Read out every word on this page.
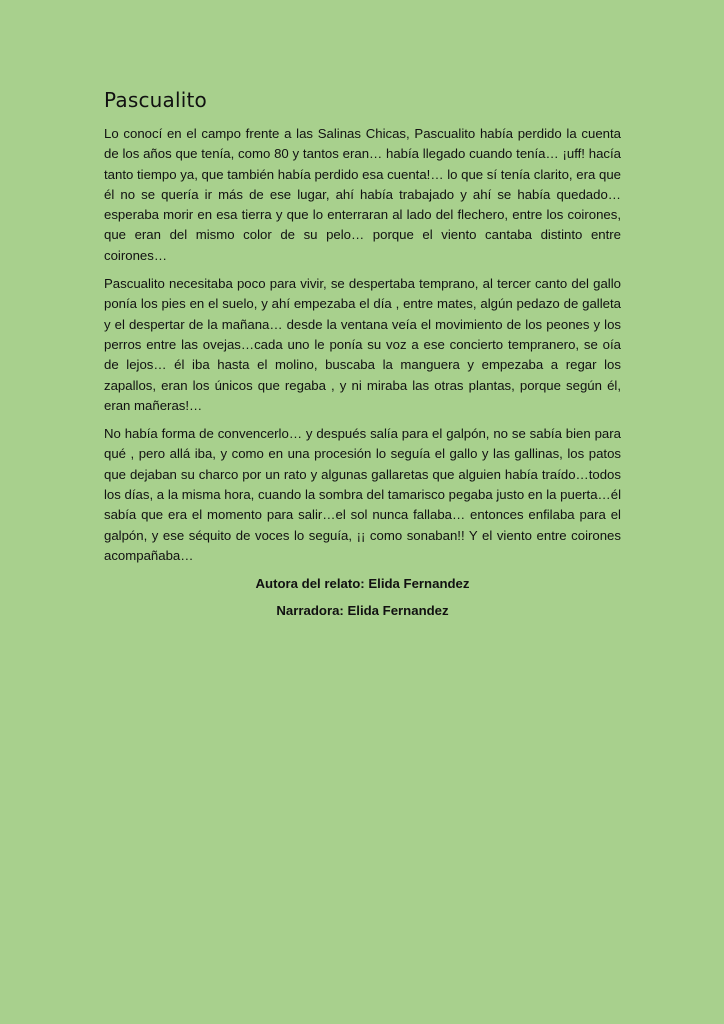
Pascualito

Lo conocí en el campo frente a las Salinas Chicas, Pascualito había perdido la cuenta de los años que tenía, como 80 y tantos eran… había llegado cuando tenía… ¡uff! hacía tanto tiempo ya, que también había perdido esa cuenta!… lo que sí tenía clarito, era que él no se quería ir más de ese lugar, ahí había trabajado y ahí se había quedado…esperaba morir en esa tierra y que lo enterraran al lado del flechero, entre los coirones, que eran del mismo color de su pelo… porque el viento cantaba distinto entre coirones…

Pascualito necesitaba poco para vivir, se despertaba temprano, al tercer canto del gallo ponía los pies en el suelo, y ahí empezaba el día , entre mates, algún pedazo de galleta y el despertar de la mañana… desde la ventana veía el movimiento de los peones y los perros entre las ovejas…cada uno le ponía su voz a ese concierto tempranero, se oía de lejos… él iba hasta el molino, buscaba la manguera y empezaba a regar los zapallos, eran los únicos que regaba , y ni miraba las otras plantas, porque según él, eran mañeras!…

No había forma de convencerlo… y después salía para el galpón, no se sabía bien para qué , pero allá iba, y como en una procesión lo seguía el gallo y las gallinas, los patos que dejaban su charco por un rato y algunas gallaretas que alguien había traído…todos los días, a la misma hora, cuando la sombra del tamarisco pegaba justo en la puerta…él sabía que era el momento para salir…el sol nunca fallaba… entonces enfilaba para el galpón, y ese séquito de voces lo seguía, ¡¡ como sonaban!! Y el viento entre coirones acompañaba…

Autora del relato: Elida Fernandez

Narradora: Elida Fernandez
